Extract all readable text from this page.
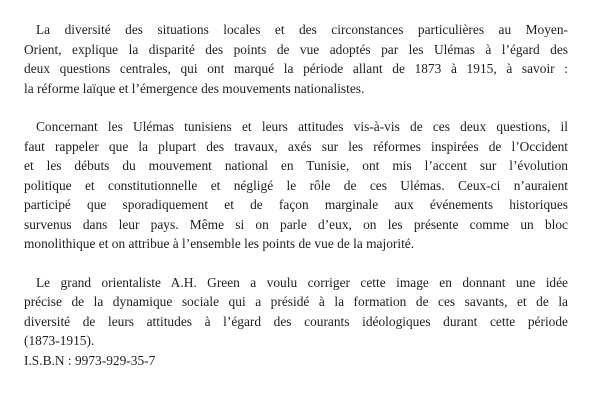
La diversité des situations locales et des circonstances particulières au Moyen-
Orient, explique la disparité des points de vue adoptés par les Ulémas à l’égard des
deux questions centrales, qui ont marqué la période allant de 1873 à 1915, à savoir :
la réforme laïque et l’émergence des mouvements nationalistes.
Concernant les Ulémas tunisiens et leurs attitudes vis-à-vis de ces deux questions, il
faut rappeler que la plupart des travaux, axés sur les réformes inspirées de l’Occident
et les débuts du mouvement national en Tunisie, ont mis l’accent sur l’évolution
politique et constitutionnelle et négligé le rôle de ces Ulémas. Ceux-ci n’auraient
participé que sporadiquement et de façon marginale aux événements historiques
survenus dans leur pays. Même si on parle d’eux, on les présente comme un bloc
monolithique et on attribue à l’ensemble les points de vue de la majorité.
Le grand orientaliste A.H. Green a voulu corriger cette image en donnant une idée
précise de la dynamique sociale qui a présidé à la formation de ces savants, et de la
diversité de leurs attitudes à l’égard des courants idéologiques durant cette période
(1873-1915).
I.S.B.N : 9973-929-35-7
